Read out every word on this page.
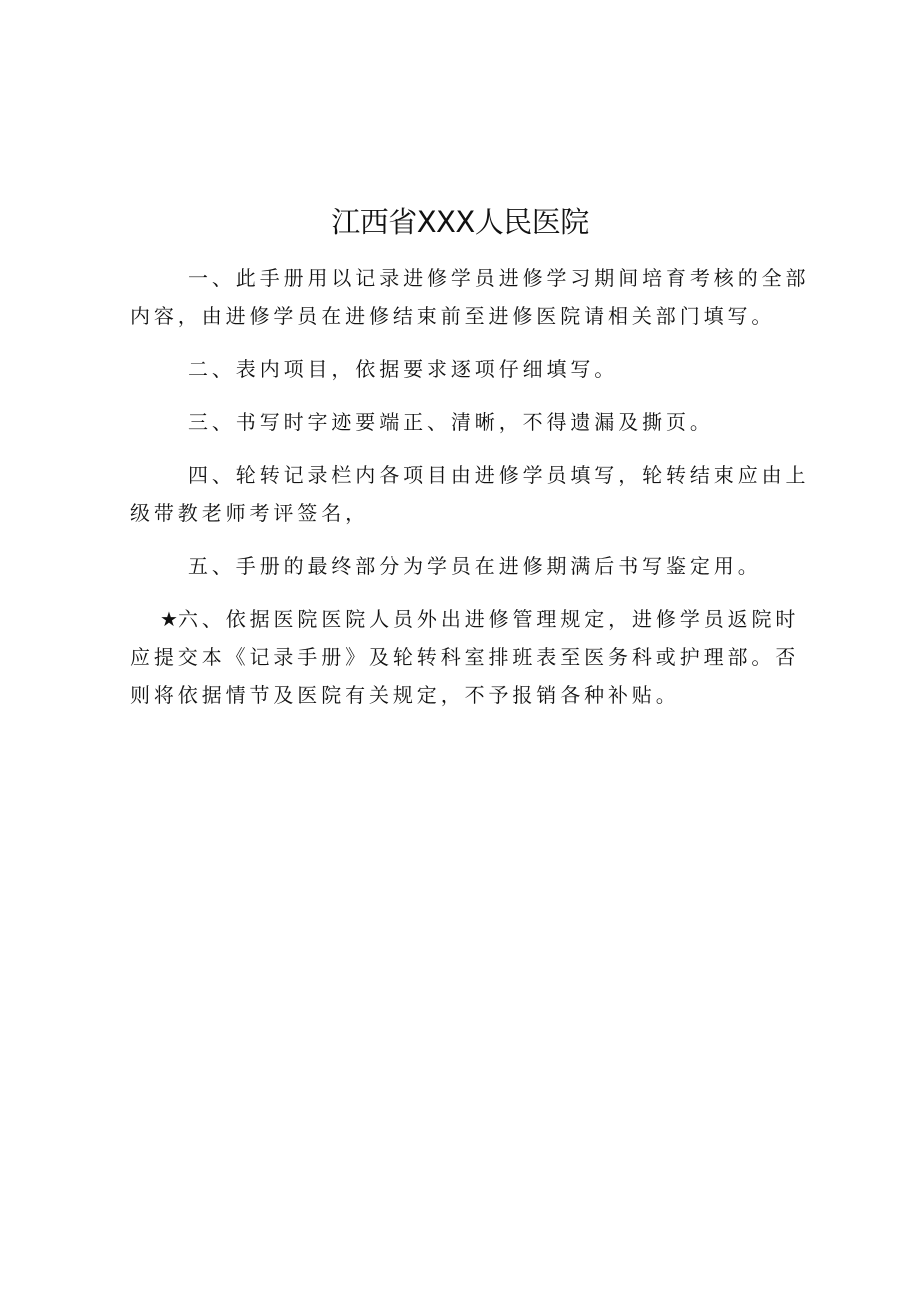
江西省XXX人民医院

一、此手册用以记录进修学员进修学习期间培育考核的全部内容，由进修学员在进修结束前至进修医院请相关部门填写。

二、表内项目，依据要求逐项仔细填写。

三、书写时字迹要端正、清晰，不得遗漏及撕页。

四、轮转记录栏内各项目由进修学员填写，轮转结束应由上级带教老师考评签名，

五、手册的最终部分为学员在进修期满后书写鉴定用。

★六、依据医院医院人员外出进修管理规定，进修学员返院时应提交本《记录手册》及轮转科室排班表至医务科或护理部。否则将依据情节及医院有关规定，不予报销各种补贴。
